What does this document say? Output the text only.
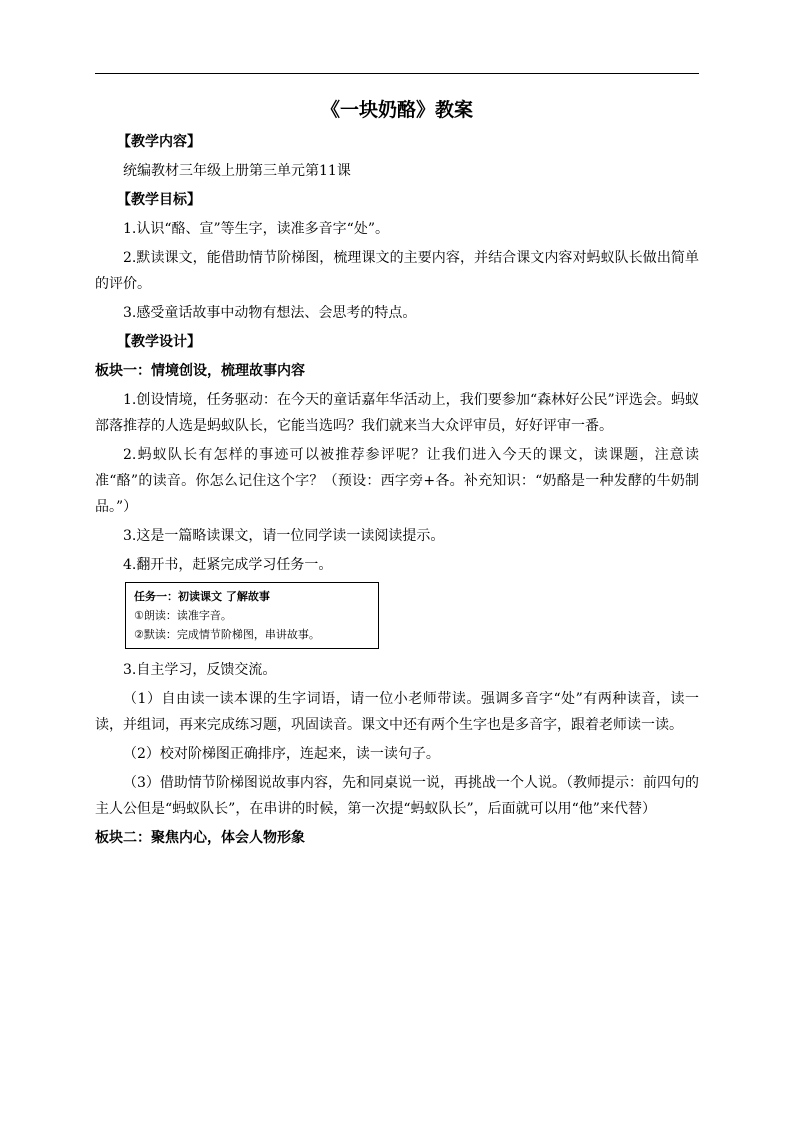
《一块奶酪》教案
【教学内容】
统编教材三年级上册第三单元第11课
【教学目标】
1.认识“酪、宣”等生字，读准多音字“处”。
2.默读课文，能借助情节阶梯图，梳理课文的主要内容，并结合课文内容对蚂蚁队长做出简单的评价。
3.感受童话故事中动物有想法、会思考的特点。
【教学设计】
板块一：情境创设，梳理故事内容
1.创设情境，任务驱动：在今天的童话嘉年华活动上，我们要参加“森林好公民”评选会。蚂蚁部落推荐的人选是蚂蚁队长，它能当选吗？我们就来当大众评审员，好好评审一番。
2.蚂蚁队长有怎样的事迹可以被推荐参评呢？让我们进入今天的课文，读课题，注意读准“酪”的读音。你怎么记住这个字？（预设：西字旁+各。补充知识：“奶酪是一种发酵的牛奶制品。”）
3.这是一篇略读课文，请一位同学读一读阅读提示。
4.翻开书，赶紧完成学习任务一。
任务一：初读课文 了解故事
①朗读：读准字音。
②默读：完成情节阶梯图，串讲故事。
3.自主学习，反馈交流。
（1）自由读一读本课的生字词语，请一位小老师带读。强调多音字“处”有两种读音，读一读，并组词，再来完成练习题，巩固读音。课文中还有两个生字也是多音字，跟着老师读一读。
（2）校对阶梯图正确排序，连起来，读一读句子。
（3）借助情节阶梯图说故事内容，先和同桌说一说，再挑战一个人说。（教师提示：前四句的主人公但是“蚂蚁队长”，在串讲的时候，第一次提“蚂蚁队长”，后面就可以用“他”来代替）
板块二：聚焦内心，体会人物形象
